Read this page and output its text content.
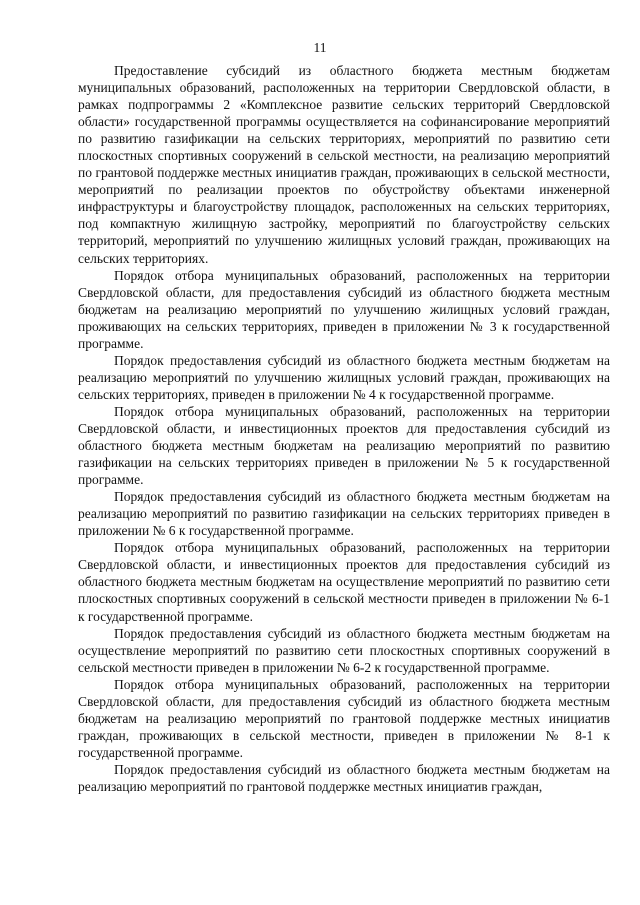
11

Предоставление субсидий из областного бюджета местным бюджетам муниципальных образований, расположенных на территории Свердловской области, в рамках подпрограммы 2 «Комплексное развитие сельских территорий Свердловской области» государственной программы осуществляется на софинансирование мероприятий по развитию газификации на сельских территориях, мероприятий по развитию сети плоскостных спортивных сооружений в сельской местности, на реализацию мероприятий по грантовой поддержке местных инициатив граждан, проживающих в сельской местности, мероприятий по реализации проектов по обустройству объектами инженерной инфраструктуры и благоустройству площадок, расположенных на сельских территориях, под компактную жилищную застройку, мероприятий по благоустройству сельских территорий, мероприятий по улучшению жилищных условий граждан, проживающих на сельских территориях.

Порядок отбора муниципальных образований, расположенных на территории Свердловской области, для предоставления субсидий из областного бюджета местным бюджетам на реализацию мероприятий по улучшению жилищных условий граждан, проживающих на сельских территориях, приведен в приложении № 3 к государственной программе.

Порядок предоставления субсидий из областного бюджета местным бюджетам на реализацию мероприятий по улучшению жилищных условий граждан, проживающих на сельских территориях, приведен в приложении № 4 к государственной программе.

Порядок отбора муниципальных образований, расположенных на территории Свердловской области, и инвестиционных проектов для предоставления субсидий из областного бюджета местным бюджетам на реализацию мероприятий по развитию газификации на сельских территориях приведен в приложении № 5 к государственной программе.

Порядок предоставления субсидий из областного бюджета местным бюджетам на реализацию мероприятий по развитию газификации на сельских территориях приведен в приложении № 6 к государственной программе.

Порядок отбора муниципальных образований, расположенных на территории Свердловской области, и инвестиционных проектов для предоставления субсидий из областного бюджета местным бюджетам на осуществление мероприятий по развитию сети плоскостных спортивных сооружений в сельской местности приведен в приложении № 6-1 к государственной программе.

Порядок предоставления субсидий из областного бюджета местным бюджетам на осуществление мероприятий по развитию сети плоскостных спортивных сооружений в сельской местности приведен в приложении № 6-2 к государственной программе.

Порядок отбора муниципальных образований, расположенных на территории Свердловской области, для предоставления субсидий из областного бюджета местным бюджетам на реализацию мероприятий по грантовой поддержке местных инициатив граждан, проживающих в сельской местности, приведен в приложении № 8-1 к государственной программе.

Порядок предоставления субсидий из областного бюджета местным бюджетам на реализацию мероприятий по грантовой поддержке местных инициатив граждан,
